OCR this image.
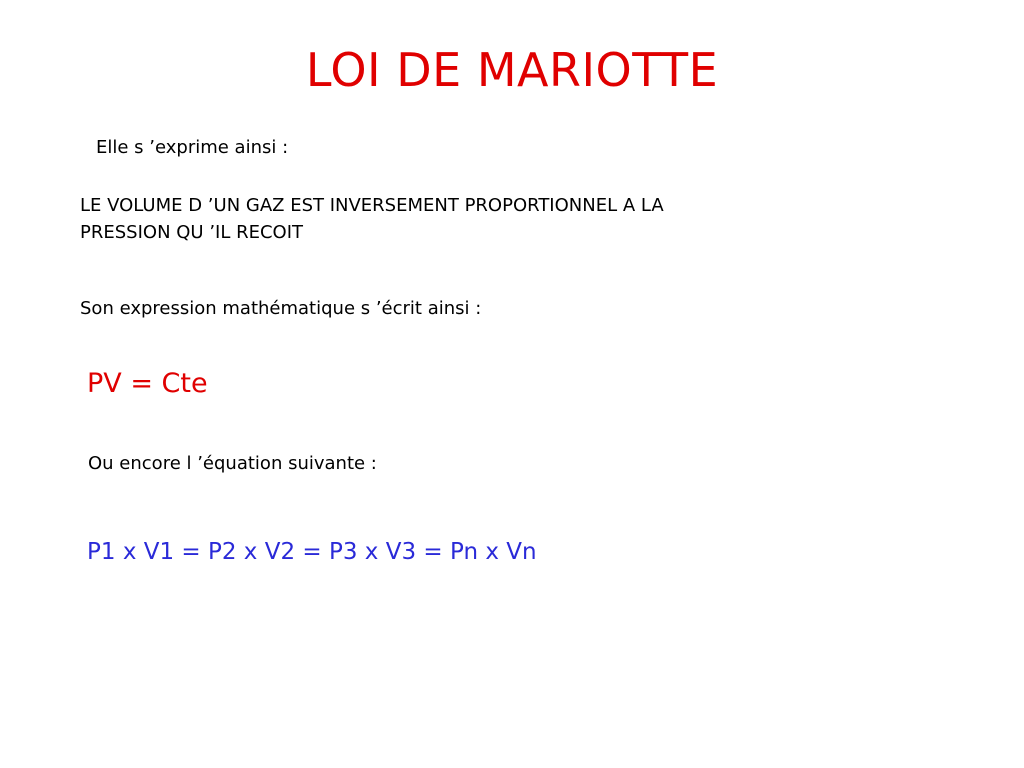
LOI DE MARIOTTE
Elle s ’exprime ainsi :
LE VOLUME D ’UN GAZ EST INVERSEMENT PROPORTIONNEL A LA
PRESSION QU ’IL RECOIT
Son expression mathématique s ’écrit ainsi :
PV = Cte
Ou encore l ’équation suivante :
P1 x V1 = P2 x V2 = P3 x V3 = Pn x Vn
